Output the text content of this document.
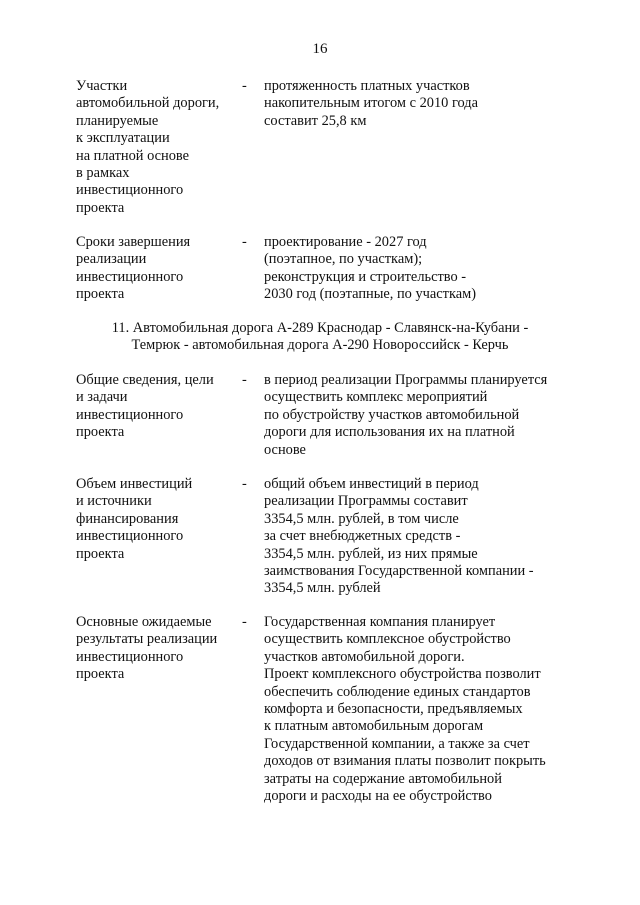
16
Участки
автомобильной дороги,
планируемые
к эксплуатации
на платной основе
в рамках
инвестиционного
проекта
- протяженность платных участков
накопительным итогом с 2010 года
составит 25,8 км
Сроки завершения
реализации
инвестиционного
проекта
- проектирование - 2027 год
(поэтапное, по участкам);
реконструкция и строительство -
2030 год (поэтапные, по участкам)
11. Автомобильная дорога А-289 Краснодар - Славянск-на-Кубани -
Темрюк - автомобильная дорога А-290 Новороссийск - Керчь
Общие сведения, цели
и задачи
инвестиционного
проекта
- в период реализации Программы планируется
осуществить комплекс мероприятий
по обустройству участков автомобильной
дороги для использования их на платной
основе
Объем инвестиций
и источники
финансирования
инвестиционного
проекта
- общий объем инвестиций в период
реализации Программы составит
3354,5 млн. рублей, в том числе
за счет внебюджетных средств -
3354,5 млн. рублей, из них прямые
заимствования Государственной компании -
3354,5 млн. рублей
Основные ожидаемые
результаты реализации
инвестиционного
проекта
- Государственная компания планирует
осуществить комплексное обустройство
участков автомобильной дороги.
Проект комплексного обустройства позволит
обеспечить соблюдение единых стандартов
комфорта и безопасности, предъявляемых
к платным автомобильным дорогам
Государственной компании, а также за счет
доходов от взимания платы позволит покрыть
затраты на содержание автомобильной
дороги и расходы на ее обустройство
